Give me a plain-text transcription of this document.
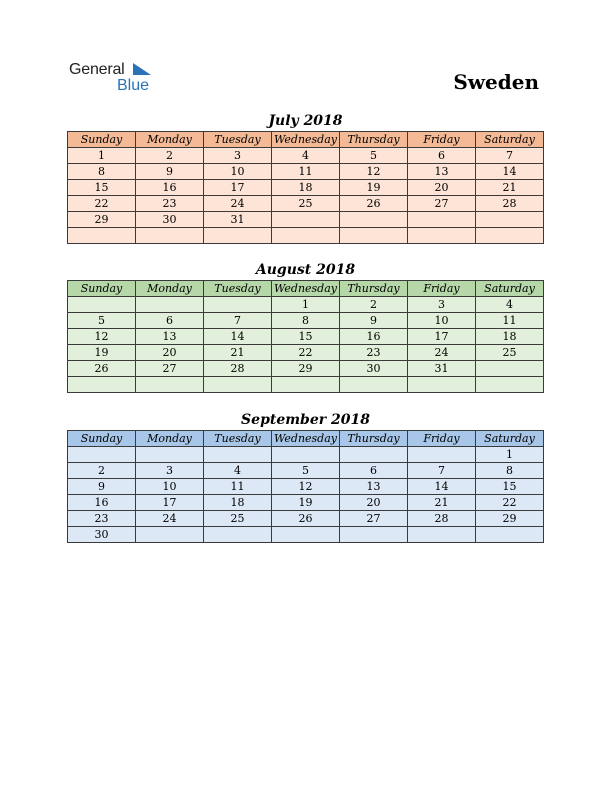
General
Blue	Sweden
July 2018
Sunday	Monday	Tuesday	Wednesday	Thursday	Friday	Saturday
1	2	3	4	5	6	7
8	9	10	11	12	13	14
15	16	17	18	19	20	21
22	23	24	25	26	27	28
29	30	31				

August 2018
Sunday	Monday	Tuesday	Wednesday	Thursday	Friday	Saturday
			1	2	3	4
5	6	7	8	9	10	11
12	13	14	15	16	17	18
19	20	21	22	23	24	25
26	27	28	29	30	31	

September 2018
Sunday	Monday	Tuesday	Wednesday	Thursday	Friday	Saturday
						1
2	3	4	5	6	7	8
9	10	11	12	13	14	15
16	17	18	19	20	21	22
23	24	25	26	27	28	29
30						
